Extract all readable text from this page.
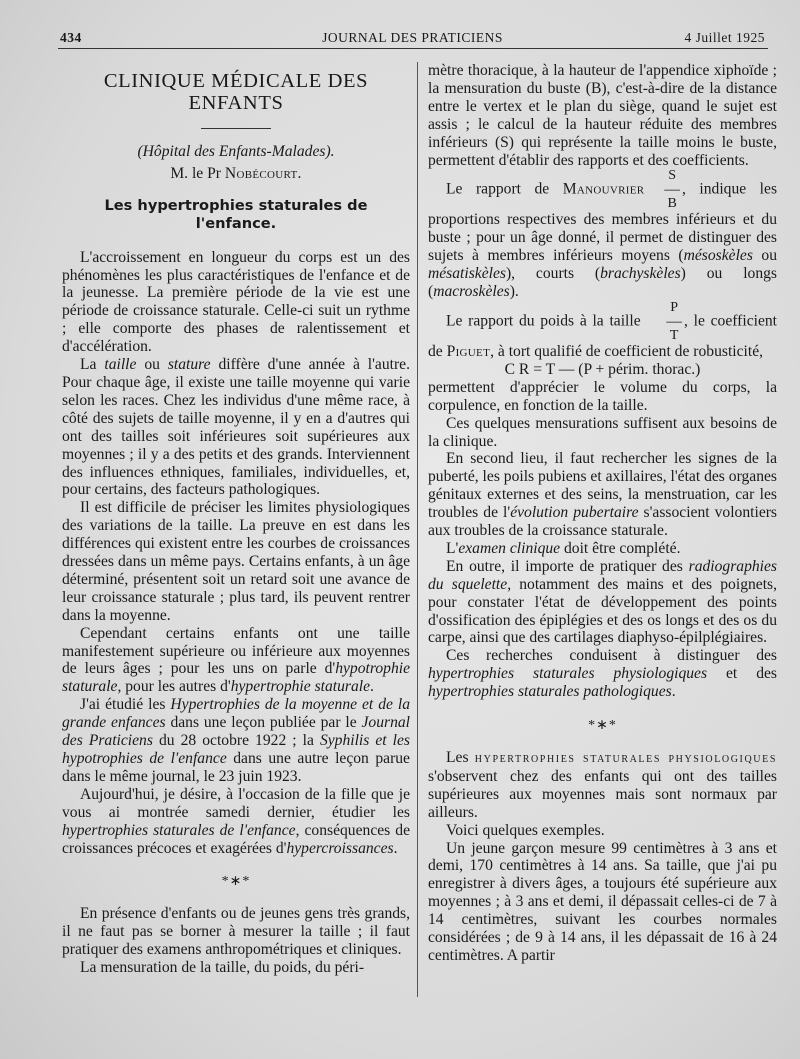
434	JOURNAL DES PRATICIENS	4 Juillet 1925
CLINIQUE MÉDICALE DES ENFANTS
(Hôpital des Enfants-Malades).
M. le Pr Nobécourt.
Les hypertrophies staturales de l'enfance.

L'accroissement en longueur du corps est un des phénomènes les plus caractéristiques de l'enfance et de la jeunesse. La première période de la vie est une période de croissance staturale. Celle-ci suit un rythme ; elle comporte des phases de ralentissement et d'accélération.

La taille ou stature diffère d'une année à l'autre. Pour chaque âge, il existe une taille moyenne qui varie selon les races. Chez les individus d'une même race, à côté des sujets de taille moyenne, il y en a d'autres qui ont des tailles soit inférieures soit supérieures aux moyennes ; il y a des petits et des grands. Interviennent des influences ethniques, familiales, individuelles, et, pour certains, des facteurs pathologiques.

Il est difficile de préciser les limites physiologiques des variations de la taille. La preuve en est dans les différences qui existent entre les courbes de croissances dressées dans un même pays. Certains enfants, à un âge déterminé, présentent soit un retard soit une avance de leur croissance staturale ; plus tard, ils peuvent rentrer dans la moyenne.

Cependant certains enfants ont une taille manifestement supérieure ou inférieure aux moyennes de leurs âges ; pour les uns on parle d'hypotrophie staturale, pour les autres d'hypertrophie staturale.

J'ai étudié les Hypertrophies de la moyenne et de la grande enfances dans une leçon publiée par le Journal des Praticiens du 28 octobre 1922 ; la Syphilis et les hypotrophies de l'enfance dans une autre leçon parue dans le même journal, le 23 juin 1923.

Aujourd'hui, je désire, à l'occasion de la fille que je vous ai montrée samedi dernier, étudier les hypertrophies staturales de l'enfance, conséquences de croissances précoces et exagérées d'hypercroissances.

*∗*

En présence d'enfants ou de jeunes gens très grands, il ne faut pas se borner à mesurer la taille ; il faut pratiquer des examens anthropométriques et cliniques.

La mensuration de la taille, du poids, du péri-

mètre thoracique, à la hauteur de l'appendice xiphoïde ; la mensuration du buste (B), c'est-à-dire de la distance entre le vertex et le plan du siège, quand le sujet est assis ; le calcul de la hauteur réduite des membres inférieurs (S) qui représente la taille moins le buste, permettent d'établir des rapports et des coefficients.

Le rapport de Manouvrier
S
—
B
, indique les proportions respectives des membres inférieurs et du buste ; pour un âge donné, il permet de distinguer des sujets à membres inférieurs moyens (mésoskèles ou mésatiskèles), courts (brachyskèles) ou longs (macroskèles).

Le rapport du poids à la taille
P
—
T
, le coefficient de Piguet, à tort qualifié de coefficient de robusticité,

C R = T — (P + périm. thorac.)

permettent d'apprécier le volume du corps, la corpulence, en fonction de la taille.

Ces quelques mensurations suffisent aux besoins de la clinique.

En second lieu, il faut rechercher les signes de la puberté, les poils pubiens et axillaires, l'état des organes génitaux externes et des seins, la menstruation, car les troubles de l'évolution pubertaire s'associent volontiers aux troubles de la croissance staturale.

L'examen clinique doit être complété.

En outre, il importe de pratiquer des radiographies du squelette, notamment des mains et des poignets, pour constater l'état de développement des points d'ossification des épiplégies et des os longs et des os du carpe, ainsi que des cartilages diaphyso-épilplégiaires.

Ces recherches conduisent à distinguer des hypertrophies staturales physiologiques et des hypertrophies staturales pathologiques.

*∗*

Les hypertrophies staturales physiologiques s'observent chez des enfants qui ont des tailles supérieures aux moyennes mais sont normaux par ailleurs.

Voici quelques exemples.

Un jeune garçon mesure 99 centimètres à 3 ans et demi, 170 centimètres à 14 ans. Sa taille, que j'ai pu enregistrer à divers âges, a toujours été supérieure aux moyennes ; à 3 ans et demi, il dépassait celles-ci de 7 à 14 centimètres, suivant les courbes normales considérées ; de 9 à 14 ans, il les dépassait de 16 à 24 centimètres. A partir
